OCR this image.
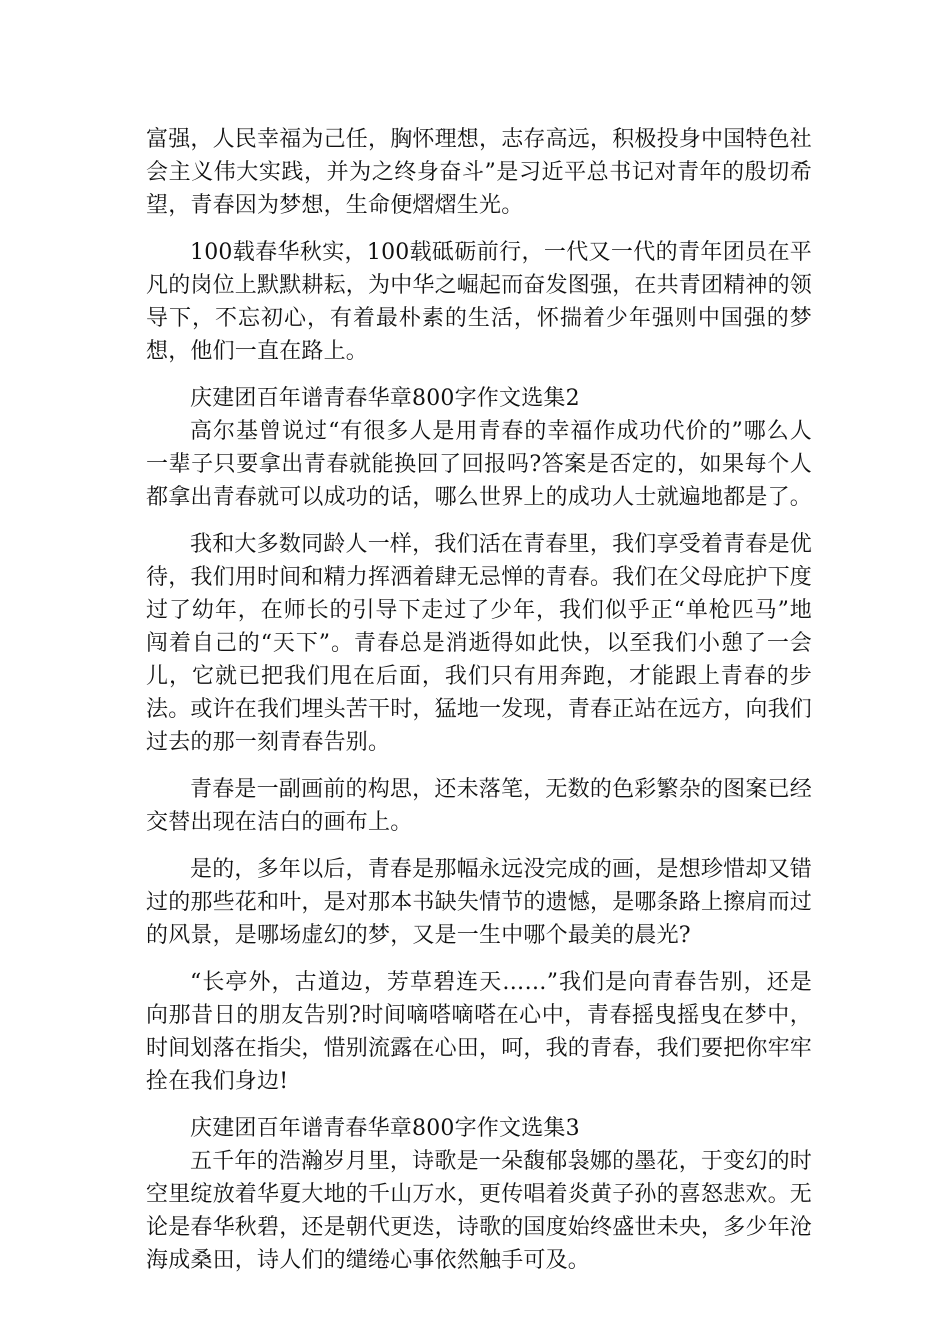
富强，人民幸福为己任，胸怀理想，志存高远，积极投身中国特色社会主义伟大实践，并为之终身奋斗”是习近平总书记对青年的殷切希望，青春因为梦想，生命便熠熠生光。

100载春华秋实，100载砥砺前行，一代又一代的青年团员在平凡的岗位上默默耕耘，为中华之崛起而奋发图强，在共青团精神的领导下，不忘初心，有着最朴素的生活，怀揣着少年强则中国强的梦想，他们一直在路上。

庆建团百年谱青春华章800字作文选集2

高尔基曾说过“有很多人是用青春的幸福作成功代价的”哪么人一辈子只要拿出青春就能换回了回报吗?答案是否定的，如果每个人都拿出青春就可以成功的话，哪么世界上的成功人士就遍地都是了。

我和大多数同龄人一样，我们活在青春里，我们享受着青春是优待，我们用时间和精力挥洒着肆无忌惮的青春。我们在父母庇护下度过了幼年，在师长的引导下走过了少年，我们似乎正“单枪匹马”地闯着自己的“天下”。青春总是消逝得如此快，以至我们小憩了一会儿，它就已把我们甩在后面，我们只有用奔跑，才能跟上青春的步法。或许在我们埋头苦干时，猛地一发现，青春正站在远方，向我们过去的那一刻青春告别。

青春是一副画前的构思，还未落笔，无数的色彩繁杂的图案已经交替出现在洁白的画布上。

是的，多年以后，青春是那幅永远没完成的画，是想珍惜却又错过的那些花和叶，是对那本书缺失情节的遗憾，是哪条路上擦肩而过的风景，是哪场虚幻的梦，又是一生中哪个最美的晨光?

“长亭外，古道边，芳草碧连天……”我们是向青春告别，还是向那昔日的朋友告别?时间嘀嗒嘀嗒在心中，青春摇曳摇曳在梦中，时间划落在指尖，惜别流露在心田，呵，我的青春，我们要把你牢牢拴在我们身边!

庆建团百年谱青春华章800字作文选集3

五千年的浩瀚岁月里，诗歌是一朵馥郁袅娜的墨花，于变幻的时空里绽放着华夏大地的千山万水，更传唱着炎黄子孙的喜怒悲欢。无论是春华秋碧，还是朝代更迭，诗歌的国度始终盛世未央，多少年沧海成桑田，诗人们的缱绻心事依然触手可及。
